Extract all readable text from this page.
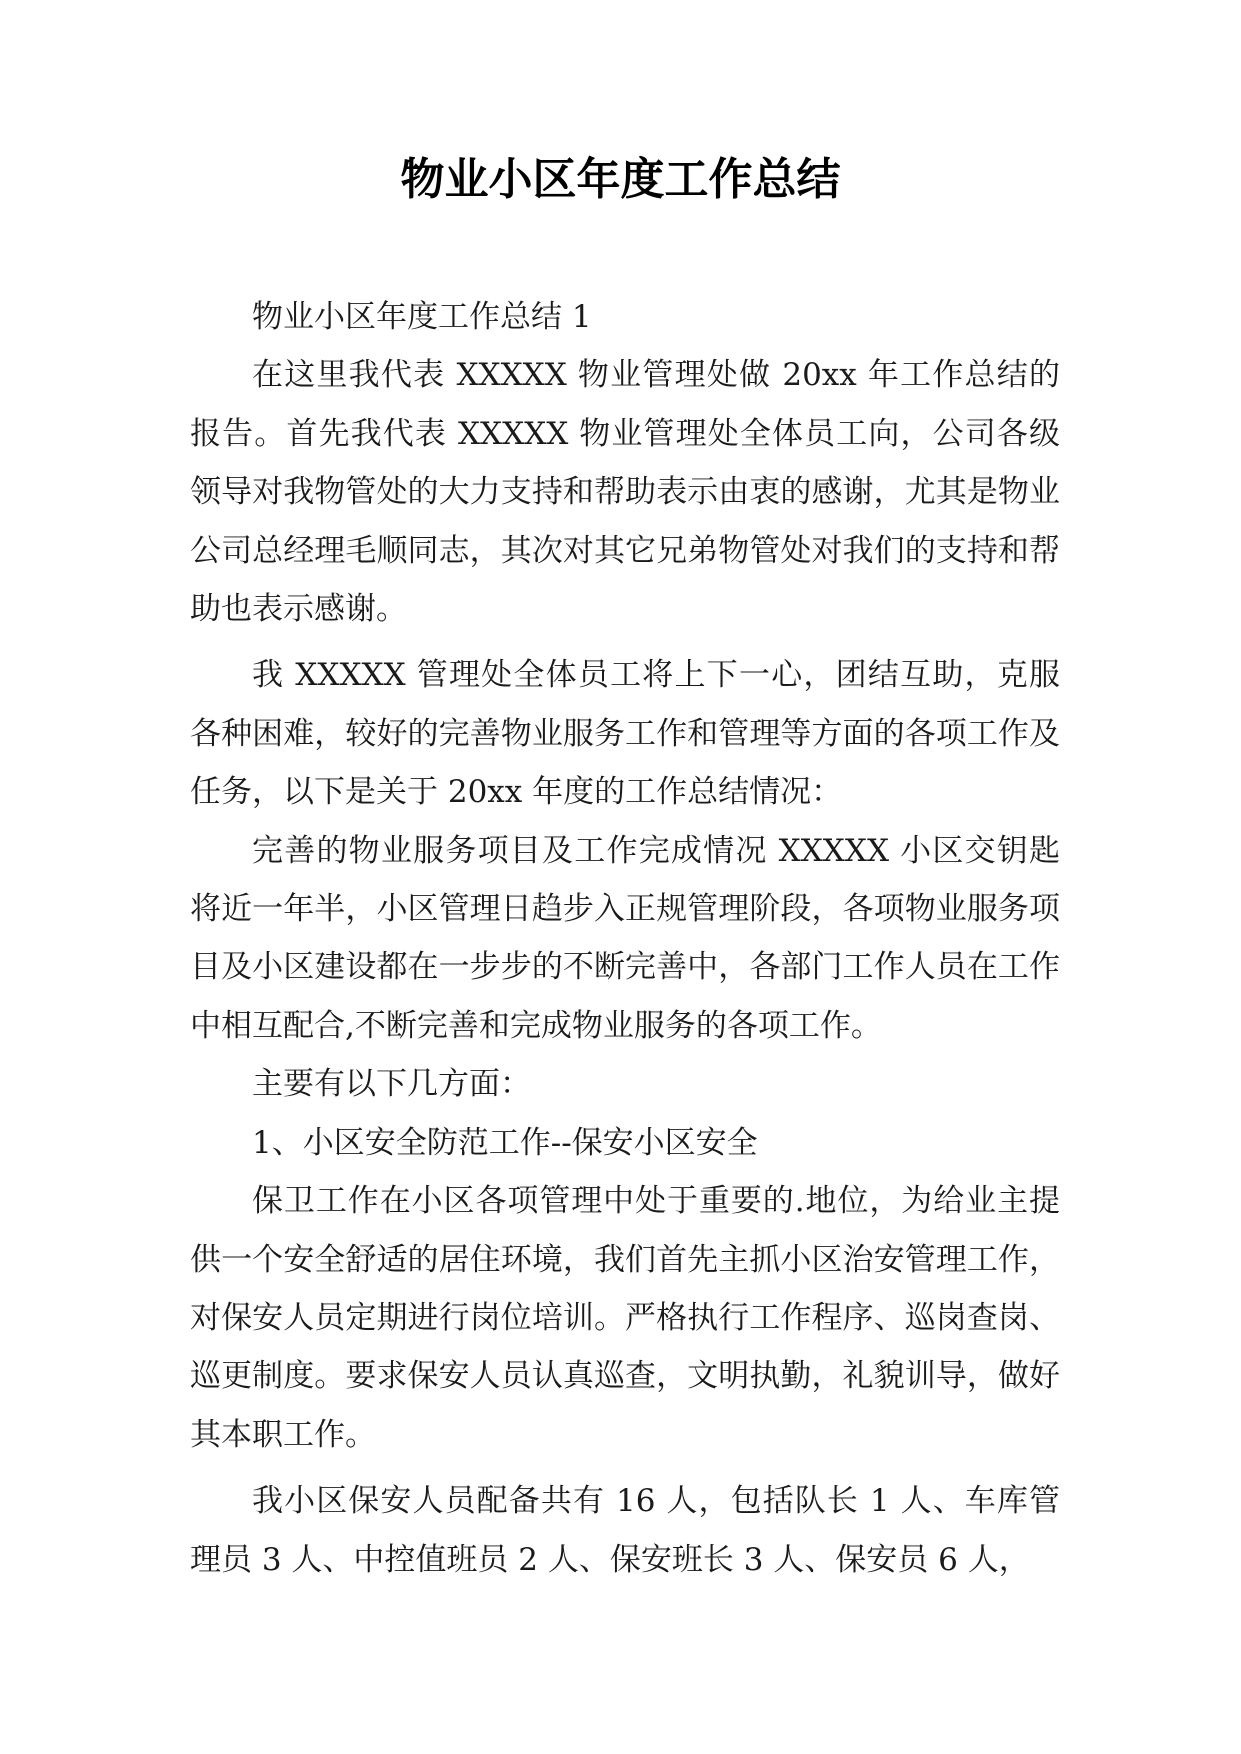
物业小区年度工作总结

物业小区年度工作总结 1

在这里我代表 XXXXX 物业管理处做 20xx 年工作总结的报告。首先我代表 XXXXX 物业管理处全体员工向，公司各级领导对我物管处的大力支持和帮助表示由衷的感谢，尤其是物业公司总经理毛顺同志，其次对其它兄弟物管处对我们的支持和帮助也表示感谢。

我 XXXXX 管理处全体员工将上下一心，团结互助，克服各种困难，较好的完善物业服务工作和管理等方面的各项工作及任务，以下是关于 20xx 年度的工作总结情况：

完善的物业服务项目及工作完成情况 XXXXX 小区交钥匙将近一年半，小区管理日趋步入正规管理阶段，各项物业服务项目及小区建设都在一步步的不断完善中，各部门工作人员在工作中相互配合,不断完善和完成物业服务的各项工作。

主要有以下几方面：

1、小区安全防范工作--保安小区安全

保卫工作在小区各项管理中处于重要的.地位，为给业主提供一个安全舒适的居住环境，我们首先主抓小区治安管理工作，对保安人员定期进行岗位培训。严格执行工作程序、巡岗查岗、巡更制度。要求保安人员认真巡查，文明执勤，礼貌训导，做好其本职工作。

我小区保安人员配备共有 16 人，包括队长 1 人、车库管理员 3 人、中控值班员 2 人、保安班长 3 人、保安员 6 人，
